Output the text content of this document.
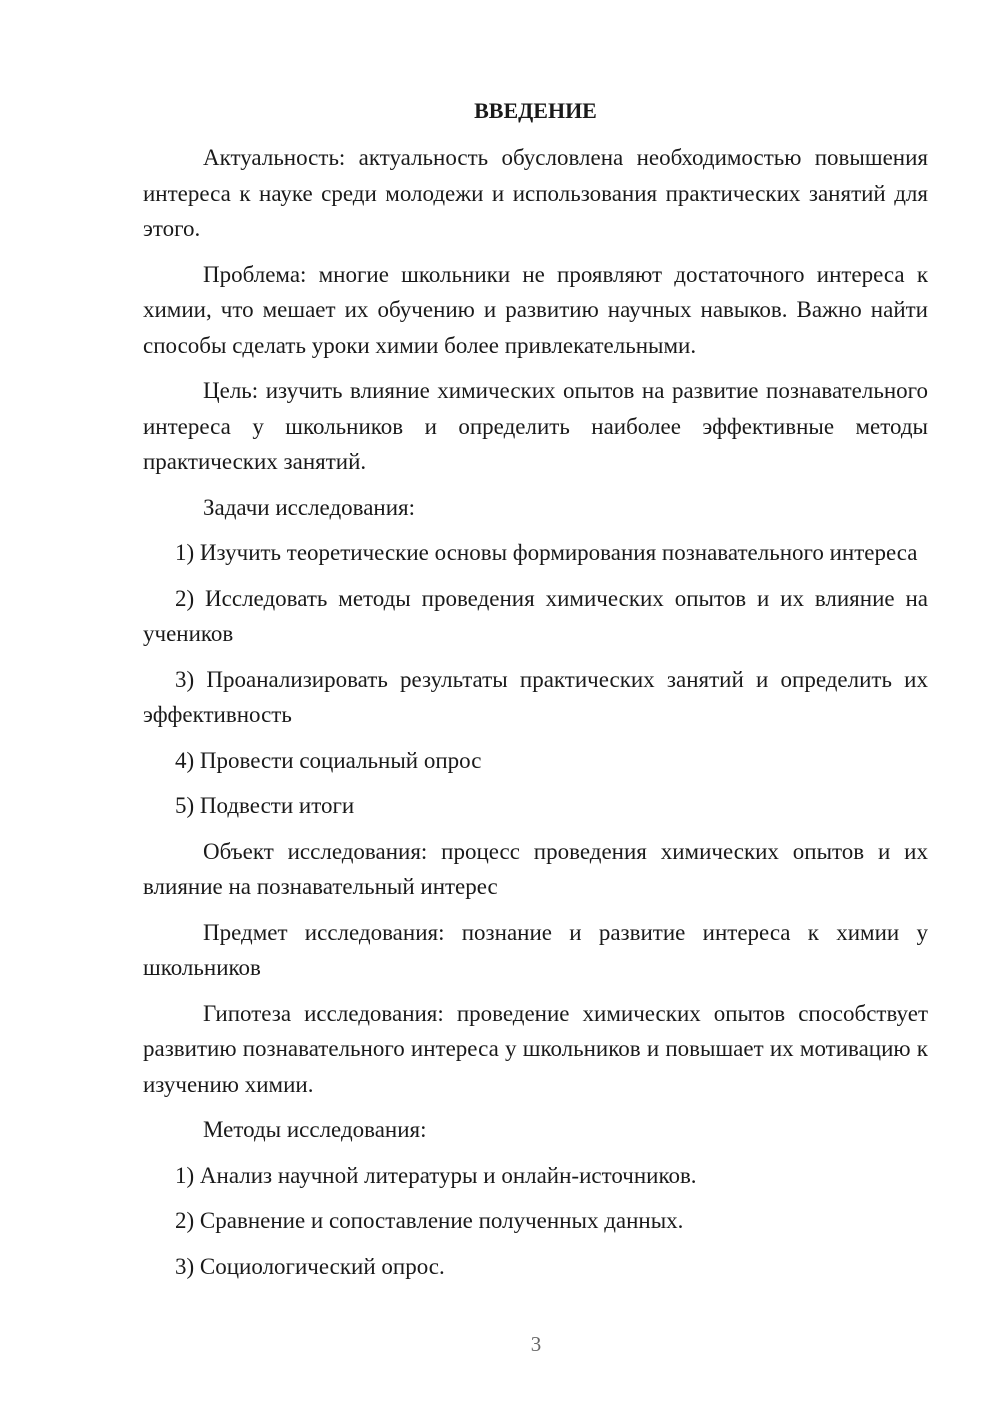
ВВЕДЕНИЕ

Актуальность: актуальность обусловлена необходимостью повышения интереса к науке среди молодежи и использования практических занятий для этого.

Проблема: многие школьники не проявляют достаточного интереса к химии, что мешает их обучению и развитию научных навыков. Важно найти способы сделать уроки химии более привлекательными.

Цель: изучить влияние химических опытов на развитие познавательного интереса у школьников и определить наиболее эффективные методы практических занятий.

Задачи исследования:

1) Изучить теоретические основы формирования познавательного интереса

2) Исследовать методы проведения химических опытов и их влияние на учеников

3) Проанализировать результаты практических занятий и определить их эффективность

4) Провести социальный опрос

5) Подвести итоги

Объект исследования: процесс проведения химических опытов и их влияние на познавательный интерес

Предмет исследования: познание и развитие интереса к химии у школьников

Гипотеза исследования: проведение химических опытов способствует развитию познавательного интереса у школьников и повышает их мотивацию к изучению химии.

Методы исследования:

1) Анализ научной литературы и онлайн-источников.

2) Сравнение и сопоставление полученных данных.

3) Социологический опрос.

3
